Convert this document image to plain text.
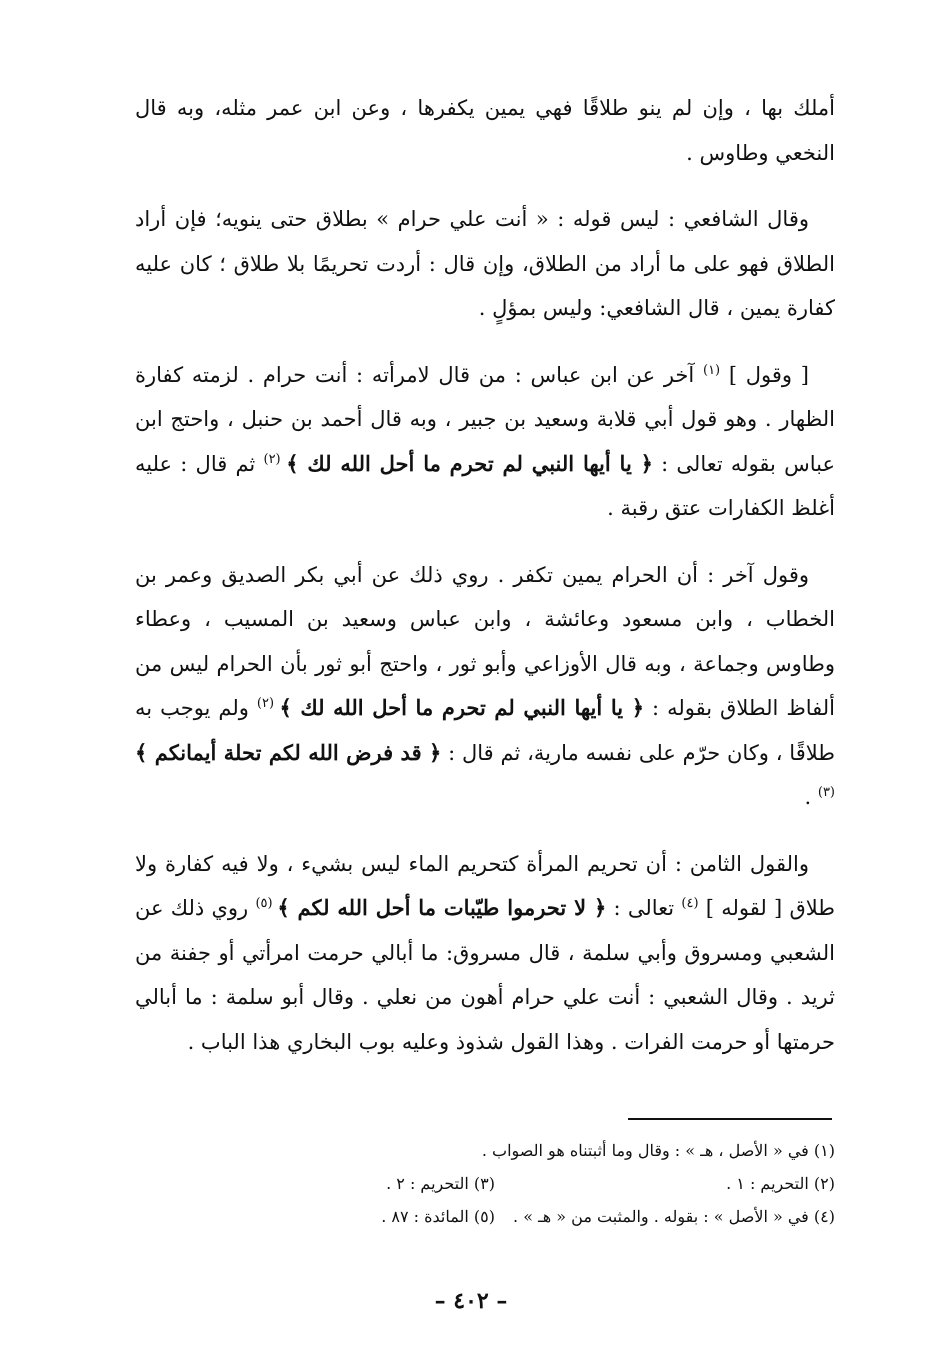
أملك بها ، وإن لم ينو طلاقًا فهي يمين يكفرها ، وعن ابن عمر مثله، وبه قال النخعي وطاوس .

وقال الشافعي : ليس قوله : « أنت علي حرام » بطلاق حتى ينويه؛ فإن أراد الطلاق فهو على ما أراد من الطلاق، وإن قال : أردت تحريمًا بلا طلاق ؛ كان عليه كفارة يمين ، قال الشافعي: وليس بمؤلٍ .

[ وقول ] $^{(١)}$ آخر عن ابن عباس : من قال لامرأته : أنت حرام . لزمته كفارة الظهار . وهو قول أبي قلابة وسعيد بن جبير ، وبه قال أحمد بن حنبل ، واحتج ابن عباس بقوله تعالى : ﴿ يا أيها النبي لم تحرم ما أحل الله لك ﴾ $^{(٢)}$ ثم قال : عليه أغلظ الكفارات عتق رقبة .

وقول آخر : أن الحرام يمين تكفر . روي ذلك عن أبي بكر الصديق وعمر بن الخطاب ، وابن مسعود وعائشة ، وابن عباس وسعيد بن المسيب ، وعطاء وطاوس وجماعة ، وبه قال الأوزاعي وأبو ثور ، واحتج أبو ثور بأن الحرام ليس من ألفاظ الطلاق بقوله : ﴿ يا أيها النبي لم تحرم ما أحل الله لك ﴾ $^{(٢)}$ ولم يوجب به طلاقًا ، وكان حرّم على نفسه مارية، ثم قال : ﴿ قد فرض الله لكم تحلة أيمانكم ﴾ $^{(٣)}$ .

والقول الثامن : أن تحريم المرأة كتحريم الماء ليس بشيء ، ولا فيه كفارة ولا طلاق [ لقوله ] $^{(٤)}$ تعالى : ﴿ لا تحرموا طيّبات ما أحل الله لكم ﴾ $^{(٥)}$ روي ذلك عن الشعبي ومسروق وأبي سلمة ، قال مسروق: ما أبالي حرمت امرأتي أو جفنة من ثريد . وقال الشعبي : أنت علي حرام أهون من نعلي . وقال أبو سلمة : ما أبالي حرمتها أو حرمت الفرات . وهذا القول شذوذ وعليه بوب البخاري هذا الباب .

(١) في « الأصل ، هـ » : وقال وما أثبتناه هو الصواب .
(٢) التحريم : ١ .
(٣) التحريم : ٢ .
(٤) في « الأصل » : بقوله . والمثبت من « هـ » .
(٥) المائدة : ٨٧ .
– ٤٠٢ –
